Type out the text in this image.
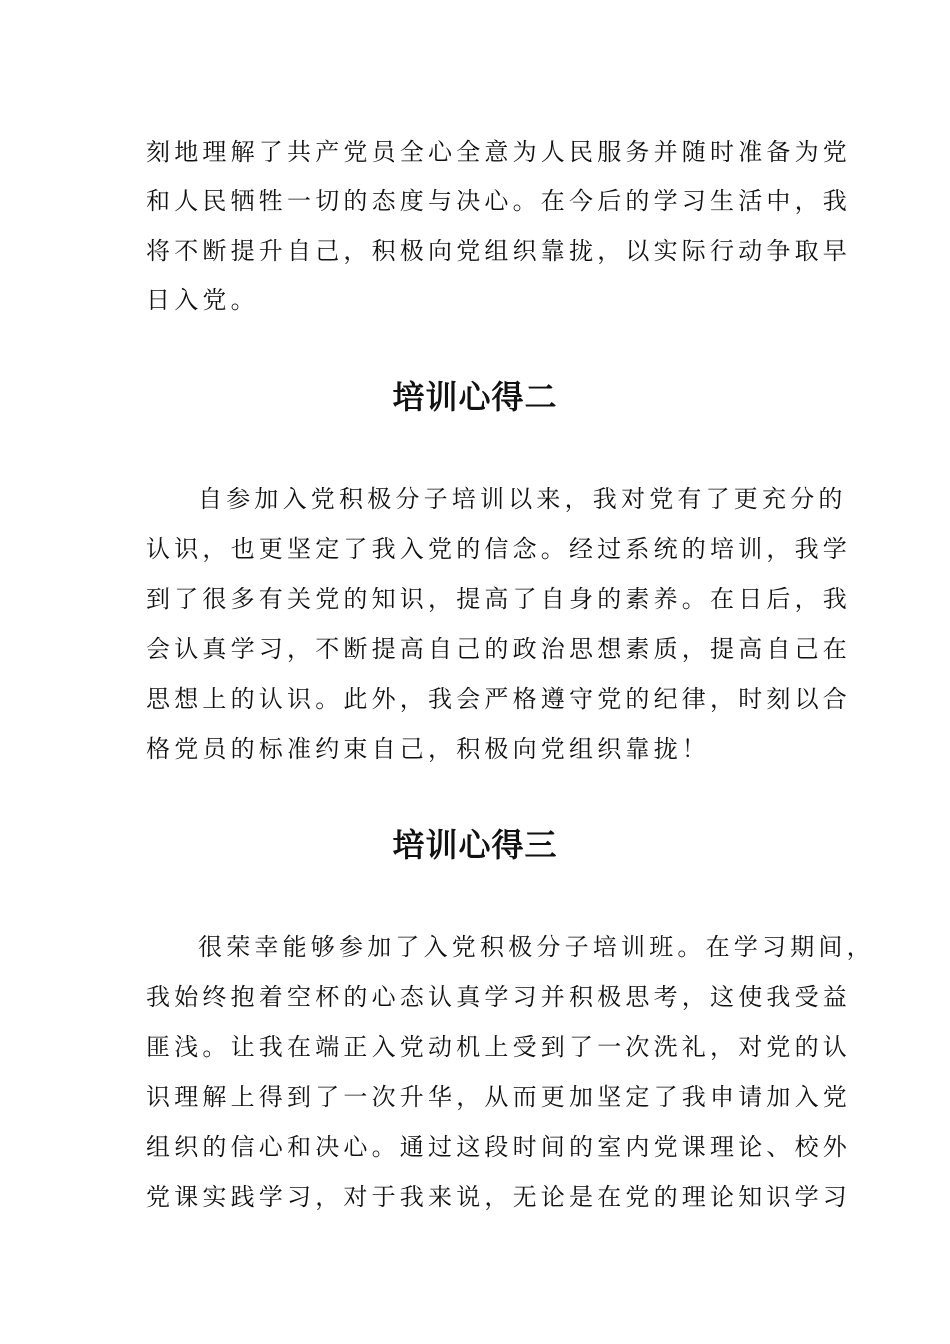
刻地理解了共产党员全心全意为人民服务并随时准备为党
和人民牺牲一切的态度与决心。在今后的学习生活中，我
将不断提升自己，积极向党组织靠拢，以实际行动争取早
日入党。
培训心得二
自参加入党积极分子培训以来，我对党有了更充分的
认识，也更坚定了我入党的信念。经过系统的培训，我学
到了很多有关党的知识，提高了自身的素养。在日后，我
会认真学习，不断提高自己的政治思想素质，提高自己在
思想上的认识。此外，我会严格遵守党的纪律，时刻以合
格党员的标准约束自己，积极向党组织靠拢！
培训心得三
很荣幸能够参加了入党积极分子培训班。在学习期间，
我始终抱着空杯的心态认真学习并积极思考，这使我受益
匪浅。让我在端正入党动机上受到了一次洗礼，对党的认
识理解上得到了一次升华，从而更加坚定了我申请加入党
组织的信心和决心。通过这段时间的室内党课理论、校外
党课实践学习，对于我来说，无论是在党的理论知识学习
